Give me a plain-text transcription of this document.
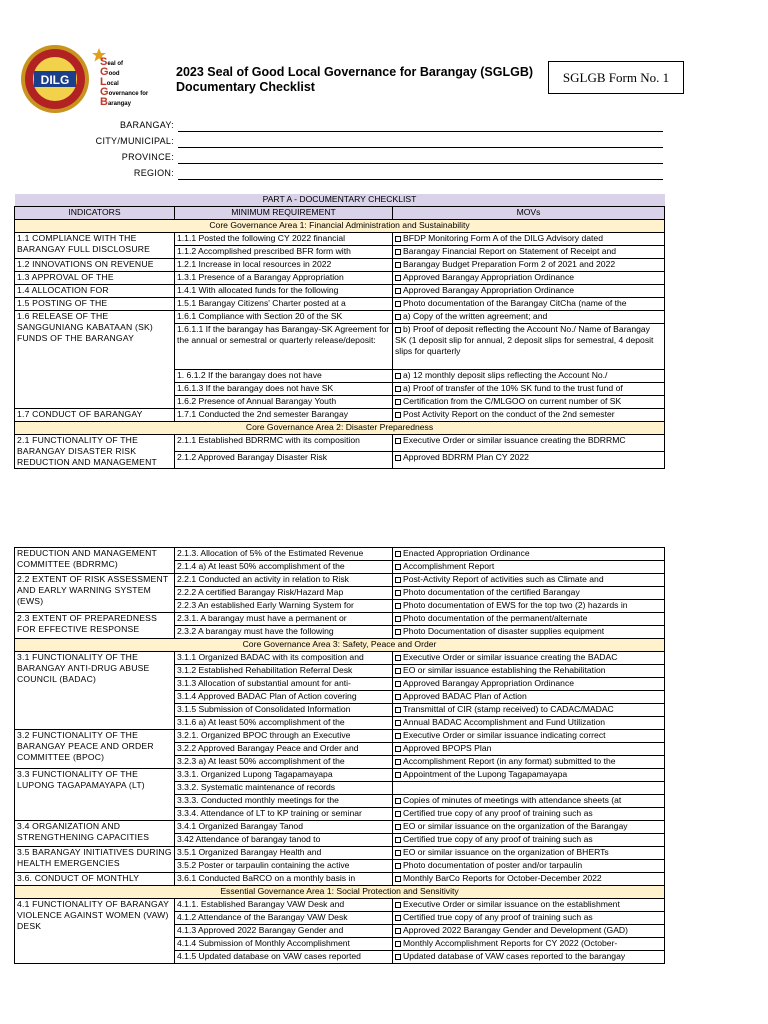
DILG
Seal of
Good
Local
Governance for
Barangay
2023 Seal of Good Local Governance for Barangay (SGLGB)
Documentary Checklist
SGLGB Form No. 1
BARANGAY:
CITY/MUNICIPAL:
PROVINCE:
REGION:
PART A - DOCUMENTARY CHECKLIST		
INDICATORS	MINIMUM REQUIREMENT	MOVs
Core Governance Area 1: Financial Administration and Sustainability		
1.1 COMPLIANCE WITH THE BARANGAY FULL DISCLOSURE	1.1.1 Posted the following CY 2022 financial	BFDP Monitoring Form A of the DILG Advisory dated
	1.1.2 Accomplished prescribed BFR form with	Barangay Financial Report on Statement of Receipt and
1.2 INNOVATIONS ON REVENUE	1.2.1 Increase in local resources in 2022	Barangay Budget Preparation Form 2 of 2021 and 2022
1.3 APPROVAL OF THE	1.3.1 Presence of a Barangay Appropriation	Approved Barangay Appropriation Ordinance
1.4 ALLOCATION FOR	1.4.1 With allocated funds for the following	Approved Barangay Appropriation Ordinance
1.5 POSTING OF THE	1.5.1 Barangay Citizens' Charter posted at a	Photo documentation of the Barangay CitCha (name of the
1.6 RELEASE OF THE SANGGUNIANG KABATAAN (SK) FUNDS OF THE BARANGAY	1.6.1 Compliance with Section 20 of the SK	a) Copy of the written agreement; and
	1.6.1.1 If the barangay has Barangay-SK Agreement for the annual or semestral or quarterly release/deposit:	b) Proof of deposit reflecting the Account No./ Name of Barangay SK (1 deposit slip for annual, 2 deposit slips for semestral, 4 deposit slips for quarterly
	1. 6.1.2 If the barangay does not have	a) 12 monthly deposit slips reflecting the Account No./
	1.6.1.3 If the barangay does not have SK	a) Proof of transfer of the 10% SK fund to the trust fund of
	1.6.2 Presence of Annual Barangay Youth	Certification from the C/MLGOO on current number of SK
1.7 CONDUCT OF BARANGAY	1.7.1 Conducted the 2nd semester Barangay	Post Activity Report on the conduct of the 2nd semester
Core Governance Area 2: Disaster Preparedness		
2.1 FUNCTIONALITY OF THE BARANGAY DISASTER RISK REDUCTION AND MANAGEMENT	2.1.1 Established BDRRMC with its composition	Executive Order or similar issuance creating the BDRRMC
	2.1.2 Approved Barangay Disaster Risk	Approved BDRRM Plan CY 2022
REDUCTION AND MANAGEMENT COMMITTEE (BDRRMC)	2.1.3. Allocation of 5% of the Estimated Revenue	Enacted Appropriation Ordinance
	2.1.4 a) At least 50% accomplishment of the	Accomplishment Report
2.2 EXTENT OF RISK ASSESSMENT AND EARLY WARNING SYSTEM (EWS)	2.2.1 Conducted an activity in relation to Risk	Post-Activity Report of activities such as Climate and
	2.2.2 A certified Barangay Risk/Hazard Map	Photo documentation of the certified Barangay
	2.2.3 An established Early Warning System for	Photo documentation of EWS for the top two (2) hazards in
2.3 EXTENT OF PREPAREDNESS FOR EFFECTIVE RESPONSE	2.3.1. A barangay must have a permanent or	Photo documentation of the permanent/alternate
	2.3.2 A barangay must have the following	Photo Documentation of disaster supplies equipment
Core Governance Area 3: Safety, Peace and Order		
3.1 FUNCTIONALITY OF THE BARANGAY ANTI-DRUG ABUSE COUNCIL (BADAC)	3.1.1 Organized BADAC with its composition and	Executive Order or similar issuance creating the BADAC
	3.1.2 Established Rehabilitation Referral Desk	EO or similar issuance establishing the Rehabilitation
	3.1.3 Allocation of substantial amount for anti-	Approved Barangay Appropriation Ordinance
	3.1.4 Approved BADAC Plan of Action covering	Approved BADAC Plan of Action
	3.1.5 Submission of Consolidated Information	Transmittal of CIR (stamp received) to CADAC/MADAC
	3.1.6 a) At least 50% accomplishment of the	Annual BADAC Accomplishment and Fund Utilization
3.2 FUNCTIONALITY OF THE BARANGAY PEACE AND ORDER COMMITTEE (BPOC)	3.2.1. Organized BPOC through an Executive	Executive Order or similar issuance indicating correct
	3.2.2 Approved Barangay Peace and Order and	Approved BPOPS Plan
	3.2.3 a) At least 50% accomplishment of the	Accomplishment Report (in any format) submitted to the
3.3 FUNCTIONALITY OF THE LUPONG TAGAPAMAYAPA (LT)	3.3.1. Organized Lupong Tagapamayapa	Appointment of the Lupong Tagapamayapa
	3.3.2. Systematic maintenance of records	
	3.3.3. Conducted monthly meetings for the	Copies of minutes of meetings with attendance sheets (at
	3.3.4. Attendance of LT to KP training or seminar	Certified true copy of any proof of training such as
3.4 ORGANIZATION AND STRENGTHENING CAPACITIES	3.4.1 Organized Barangay Tanod	EO or similar issuance on the organization of the Barangay
	3.42 Attendance of barangay tanod to	Certified true copy of any proof of training such as
3.5 BARANGAY INITIATIVES DURING HEALTH EMERGENCIES	3.5.1 Organized Barangay Health and	EO or similar issuance on the organization of BHERTs
	3.5.2 Poster or tarpaulin containing the active	Photo documentation of poster and/or tarpaulin
3.6. CONDUCT OF MONTHLY	3.6.1 Conducted BaRCO on a monthly basis in	Monthly BarCo Reports for October-December 2022
Essential Governance Area 1: Social Protection and Sensitivity		
4.1 FUNCTIONALITY OF BARANGAY VIOLENCE AGAINST WOMEN (VAW) DESK	4.1.1. Established Barangay VAW Desk and	Executive Order or similar issuance on the establishment
	4.1.2 Attendance of the Barangay VAW Desk	Certified true copy of any proof of training such as
	4.1.3 Approved 2022 Barangay Gender and	Approved 2022 Barangay Gender and Development (GAD)
	4.1.4 Submission of Monthly Accomplishment	Monthly Accomplishment Reports for CY 2022 (October-
	4.1.5 Updated database on VAW cases reported	Updated database of VAW cases reported to the barangay
